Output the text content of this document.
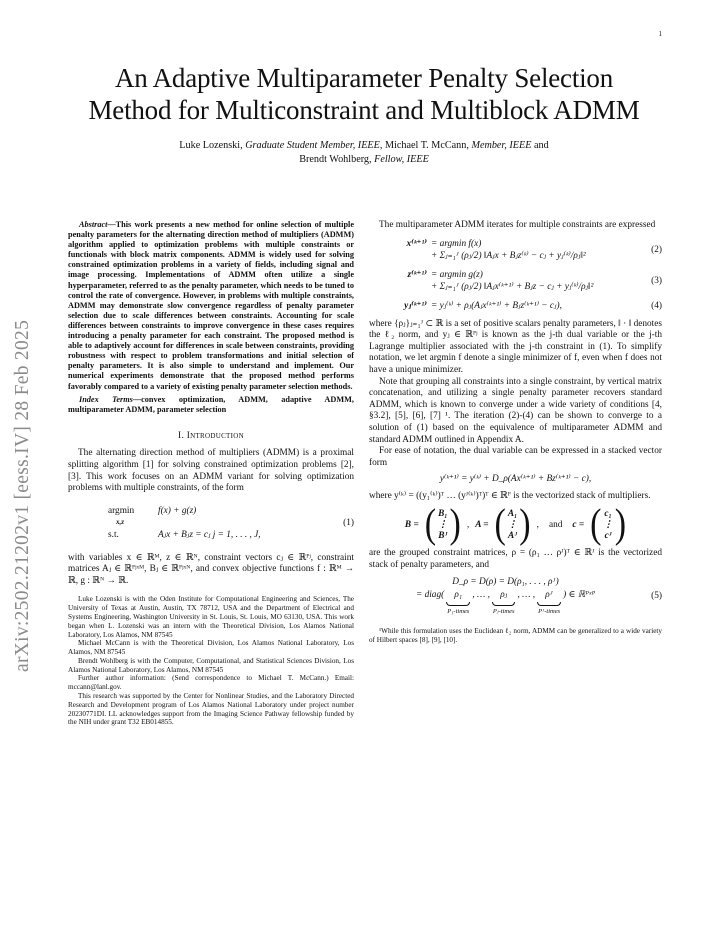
1
arXiv:2502.21202v1 [eess.IV] 28 Feb 2025
An Adaptive Multiparameter Penalty Selection
Method for Multiconstraint and Multiblock ADMM
Luke Lozenski, Graduate Student Member, IEEE, Michael T. McCann, Member, IEEE and
Brendt Wohlberg, Fellow, IEEE

Abstract—This work presents a new method for online selection of multiple penalty parameters for the alternating direction method of multipliers (ADMM) algorithm applied to optimization problems with multiple constraints or functionals with block matrix components. ADMM is widely used for solving constrained optimization problems in a variety of fields, including signal and image processing. Implementations of ADMM often utilize a single hyperparameter, referred to as the penalty parameter, which needs to be tuned to control the rate of convergence. However, in problems with multiple constraints, ADMM may demonstrate slow convergence regardless of penalty parameter selection due to scale differences between constraints. Accounting for scale differences between constraints to improve convergence in these cases requires introducing a penalty parameter for each constraint. The proposed method is able to adaptively account for differences in scale between constraints, providing robustness with respect to problem transformations and initial selection of penalty parameters. It is also simple to understand and implement. Our numerical experiments demonstrate that the proposed method performs favorably compared to a variety of existing penalty parameter selection methods.

Index Terms—convex optimization, ADMM, adaptive ADMM, multiparameter ADMM, parameter selection
I. Introduction

The alternating direction method of multipliers (ADMM) is a proximal splitting algorithm [1] for solving constrained optimization problems [2], [3]. This work focuses on an ADMM variant for solving optimization problems with multiple constraints, of the form

argmin
x,z
f(x) + g(z)
s.t.	Aⱼx + Bⱼz = cⱼ j = 1, . . . , J,
(1)

with variables x ∈ ℝᴹ, z ∈ ℝᴺ, constraint vectors cⱼ ∈ ℝᴾʲ, constraint matrices Aⱼ ∈ ℝᴾʲˣᴹ, Bⱼ ∈ ℝᴾʲˣᴺ, and convex objective functions f : ℝᴹ → ℝ, g : ℝᴺ → ℝ.

Luke Lozenski is with the Oden Institute for Computational Engineering and Sciences, The University of Texas at Austin, Austin, TX 78712, USA and the Department of Electrical and Systems Engineering, Washington University in St. Louis, St. Louis, MO 63130, USA. This work began when L. Lozenski was an intern with the Theoretical Division, Los Alamos National Laboratory, Los Alamos, NM 87545

Michael McCann is with the Theoretical Division, Los Alamos National Laboratory, Los Alamos, NM 87545

Brendt Wohlberg is with the Computer, Computational, and Statistical Sciences Division, Los Alamos National Laboratory, Los Alamos, NM 87545

Further author information: (Send correspondence to Michael T. McCann.) Email: mccann@lanl.gov.

This research was supported by the Center for Nonlinear Studies, and the Laboratory Directed Research and Development program of Los Alamos National Laboratory under project number 20230771DI. LL acknowledges support from the Imaging Science Pathway fellowship funded by the NIH under grant T32 EB014855.

The multiparameter ADMM iterates for multiple constraints are expressed

x⁽ᵏ⁺¹⁾ = argmin f(x)
+ Σⱼ₌₁ᴶ (ρⱼ/2) ‖Aⱼx + Bⱼz⁽ᵏ⁾ − cⱼ + yⱼ⁽ᵏ⁾/ρⱼ‖²
(2)
z⁽ᵏ⁺¹⁾ = argmin g(z)
+ Σⱼ₌₁ᴶ (ρⱼ/2) ‖Aⱼx⁽ᵏ⁺¹⁾ + Bⱼz − cⱼ + yⱼ⁽ᵏ⁾/ρⱼ‖²
(3)
yⱼ⁽ᵏ⁺¹⁾ = yⱼ⁽ᵏ⁾ + ρⱼ(Aⱼx⁽ᵏ⁺¹⁾ + Bⱼz⁽ᵏ⁺¹⁾ − cⱼ),	(4)

where {ρⱼ}ⱼ₌₁ᴶ ⊂ ℝ is a set of positive scalars penalty parameters, ‖ · ‖ denotes the ℓ₂ norm, and yⱼ ∈ ℝᴾʲ is known as the j-th dual variable or the j-th Lagrange multiplier associated with the j-th constraint in (1). To simplify notation, we let argmin f denote a single minimizer of f, even when f does not have a unique minimizer.

Note that grouping all constraints into a single constraint, by vertical matrix concatenation, and utilizing a single penalty parameter recovers standard ADMM, which is known to converge under a wide variety of conditions [4, §3.2], [5], [6], [7] ¹. The iteration (2)-(4) can be shown to converge to a solution of (1) based on the equivalence of multiparameter ADMM and standard ADMM outlined in Appendix A.

For ease of notation, the dual variable can be expressed in a stacked vector form

y⁽ᵏ⁺¹⁾ = y⁽ᵏ⁾ + D_ρ(Ax⁽ᵏ⁺¹⁾ + Bz⁽ᵏ⁺¹⁾ − c),

where y⁽ᵏ⁾ = ((y₁⁽ᵏ⁾)ᵀ … (yᴶ⁽ᵏ⁾)ᵀ)ᵀ ∈ ℝᴾ is the vectorized stack of multipliers.

B = ( B₁
⋮
Bᴶ ) , A = ( A₁
⋮
Aᴶ ) ,	and	c = ( c₁
⋮
cᴶ )

are the grouped constraint matrices, ρ = (ρ₁ … ρᴶ)ᵀ ∈ ℝᴶ is the vectorized stack of penalty parameters, and

D_ρ = D(ρ) = D(ρ₁, . . . , ρᴶ)
= diag( ρ₁
P₁-times
, … , ρⱼ
Pⱼ-times
, … , ρᴶ
Pᴶ-times
) ∈ ℝᴾˣᴾ	(5)
¹While this formulation uses the Euclidean ℓ₂ norm, ADMM can be generalized to a wide variety of Hilbert spaces [8], [9], [10].
